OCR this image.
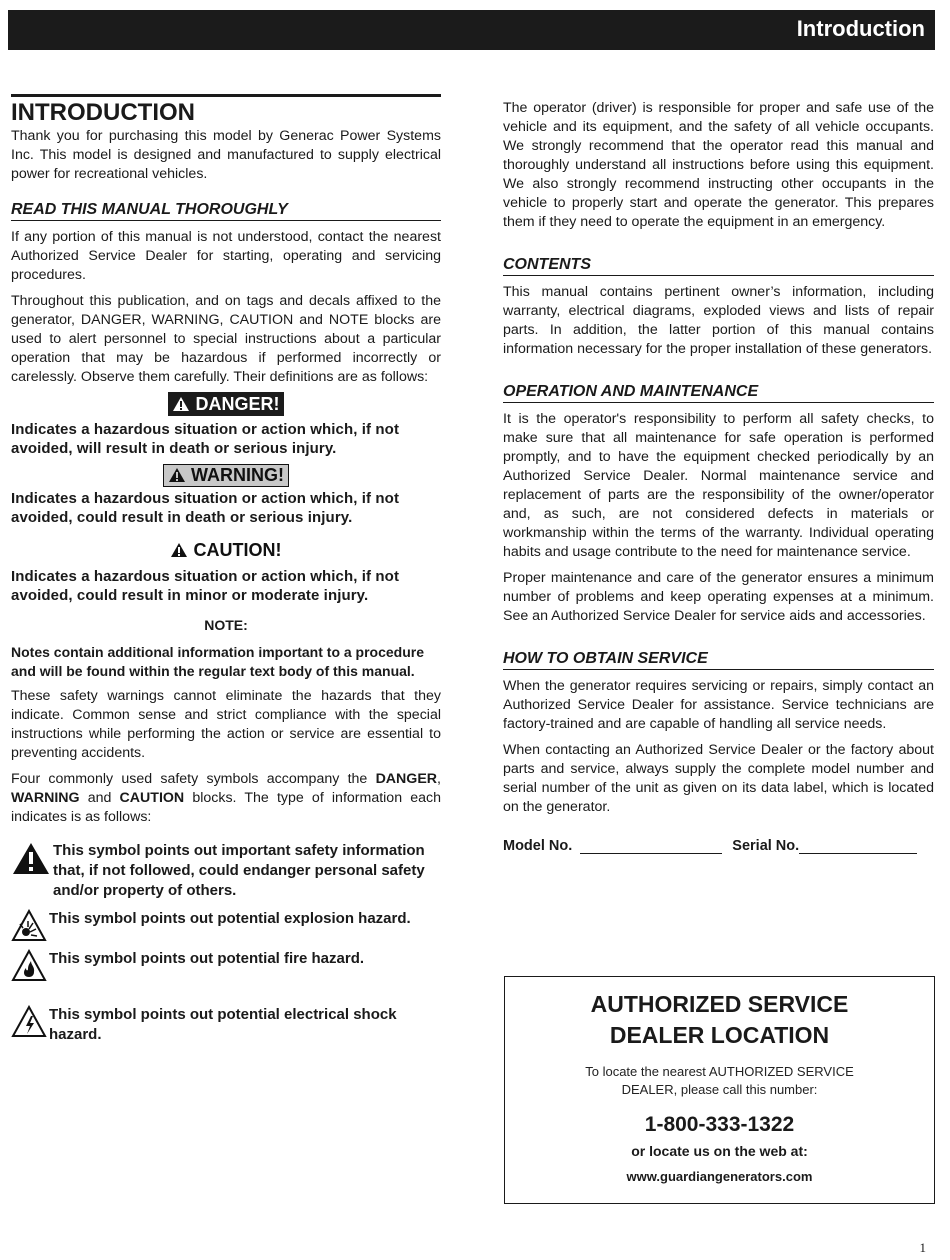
Introduction
INTRODUCTION

Thank you for purchasing this model by Generac Power Systems Inc. This model is designed and manufactured to supply electrical power for recreational vehicles.

READ THIS MANUAL THOROUGHLY

If any portion of this manual is not understood, contact the nearest Authorized Service Dealer for starting, operating and servicing procedures.

Throughout this publication, and on tags and decals affixed to the generator, DANGER, WARNING, CAUTION and NOTE blocks are used to alert personnel to special instructions about a particular operation that may be hazardous if performed incorrectly or carelessly. Observe them carefully. Their definitions are as follows:

DANGER!

Indicates a hazardous situation or action which, if not avoided, will result in death or serious injury.

WARNING!

Indicates a hazardous situation or action which, if not avoided, could result in death or serious injury.

CAUTION!

Indicates a hazardous situation or action which, if not avoided, could result in minor or moderate injury.

NOTE:

Notes contain additional information important to a procedure and will be found within the regular text body of this manual.

These safety warnings cannot eliminate the hazards that they indicate. Common sense and strict compliance with the special instructions while performing the action or service are essential to preventing accidents.

Four commonly used safety symbols accompany the DANGER, WARNING and CAUTION blocks. The type of information each indicates is as follows:

This symbol points out important safety information that, if not followed, could endanger personal safety and/or property of others.
This symbol points out potential explosion hazard.
This symbol points out potential fire hazard.
This symbol points out potential electrical shock hazard.

The operator (driver) is responsible for proper and safe use of the vehicle and its equipment, and the safety of all vehicle occupants. We strongly recommend that the operator read this manual and thoroughly understand all instructions before using this equipment. We also strongly recommend instructing other occupants in the vehicle to properly start and operate the generator. This prepares them if they need to operate the equipment in an emergency.

CONTENTS

This manual contains pertinent owner’s information, including warranty, electrical diagrams, exploded views and lists of repair parts. In addition, the latter portion of this manual contains information necessary for the proper installation of these generators.

OPERATION AND MAINTENANCE

It is the operator's responsibility to perform all safety checks, to make sure that all maintenance for safe operation is performed promptly, and to have the equipment checked periodically by an Authorized Service Dealer. Normal maintenance service and replacement of parts are the responsibility of the owner/operator and, as such, are not considered defects in materials or workmanship within the terms of the warranty. Individual operating habits and usage contribute to the need for maintenance service.

Proper maintenance and care of the generator ensures a minimum number of problems and keep operating expenses at a minimum. See an Authorized Service Dealer for service aids and accessories.

HOW TO OBTAIN SERVICE

When the generator requires servicing or repairs, simply contact an Authorized Service Dealer for assistance. Service technicians are factory-trained and are capable of handling all service needs.

When contacting an Authorized Service Dealer or the factory about parts and service, always supply the complete model number and serial number of the unit as given on its data label, which is located on the generator.

Model No.	Serial No.
AUTHORIZED SERVICE
DEALER LOCATION
To locate the nearest AUTHORIZED SERVICE
DEALER, please call this number:
1-800-333-1322
or locate us on the web at:
www.guardiangenerators.com
1
